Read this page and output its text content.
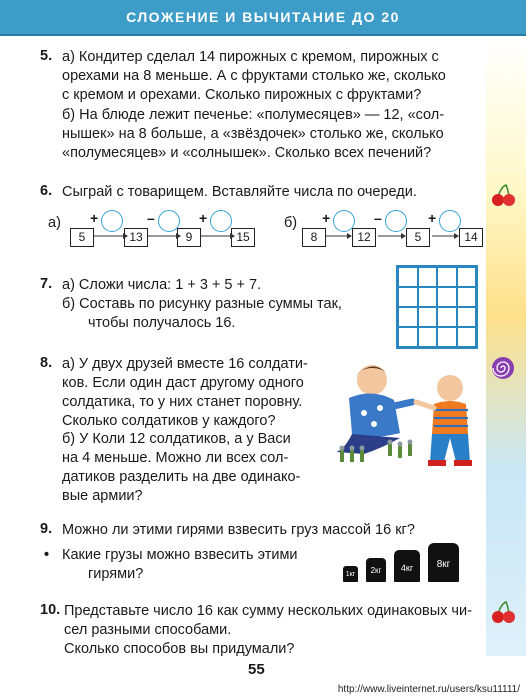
СЛОЖЕНИЕ И ВЫЧИТАНИЕ ДО 20
5. а) Кондитер сделал 14 пирожных с кремом, пирожных с
орехами на 8 меньше. А с фруктами столько же, сколько
с кремом и орехами. Сколько пирожных с фруктами?
б) На блюде лежит печенье: «полумесяцев» — 12, «сол-
нышек» на 8 больше, а «звёздочек» столько же, сколько
«полумесяцев» и «солнышек». Сколько всех печений?
6. Сыграй с товарищем. Вставляйте числа по очереди.
а)
5
+
13
–
9
+
15
б)
8
+
12
–
5
+
14
7. а) Сложи числа: 1 + 3 + 5 + 7.
б) Составь по рисунку разные суммы так,
чтобы получалось 16.
8. а) У двух друзей вместе 16 солдати-
ков. Если один даст другому одного
солдатика, то у них станет поровну.
Сколько солдатиков у каждого?
б) У Коли 12 солдатиков, а у Васи
на 4 меньше. Можно ли всех сол-
датиков разделить на две одинако-
вые армии?
9. Можно ли этими гирями взвесить груз массой 16 кг?
• Какие грузы можно взвесить этими
гирями?	1кг	2кг	4кг	8кг
10. Представьте число 16 как сумму нескольких одинаковых чи-
сел разными способами.
Сколько способов вы придумали?
55
http://www.liveinternet.ru/users/ksu11111/
